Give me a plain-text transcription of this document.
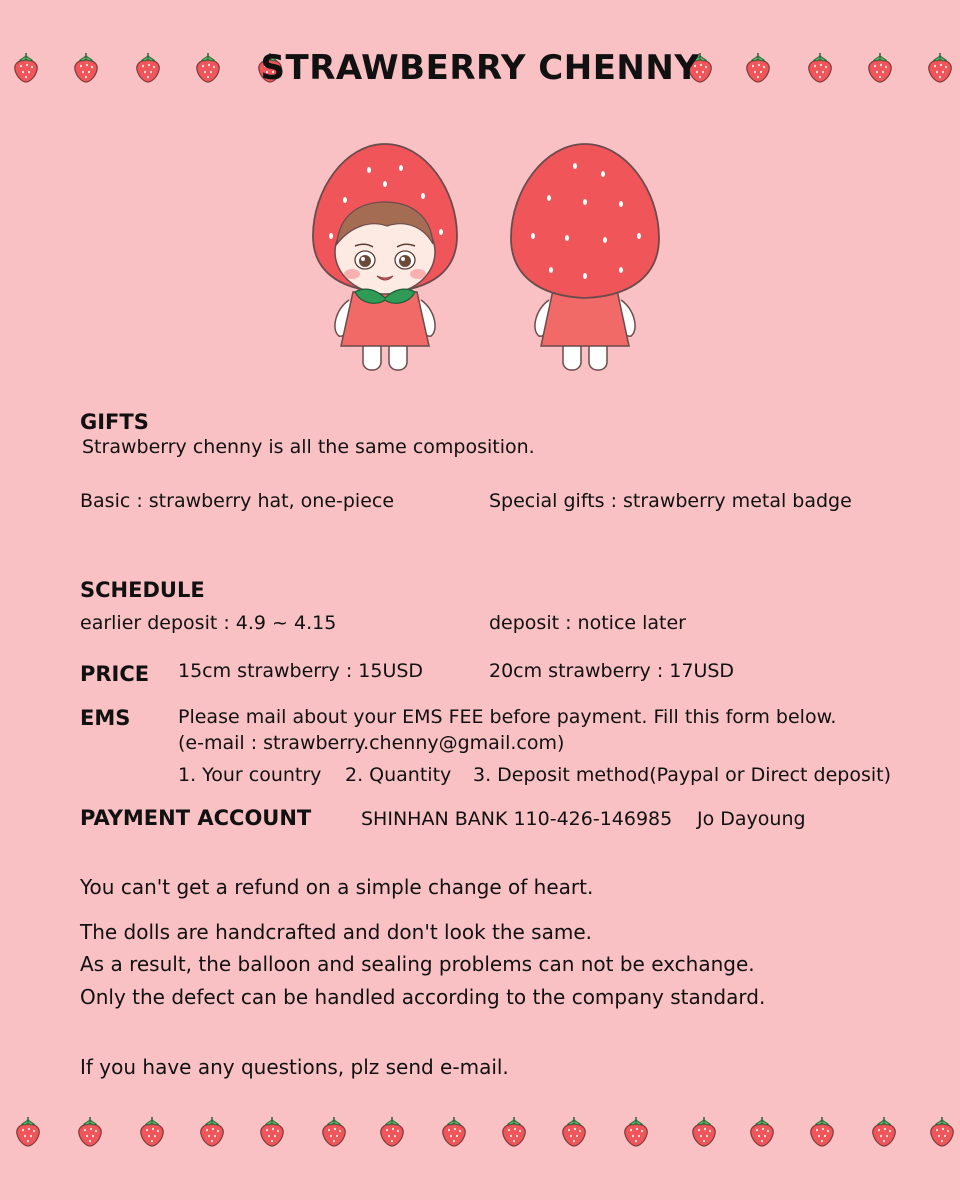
STRAWBERRY CHENNY
GIFTS
Strawberry chenny is all the same composition.
Basic : strawberry hat, one-piece	Special gifts : strawberry metal badge
SCHEDULE
earlier deposit : 4.9 ~ 4.15	deposit : notice later
PRICE 15cm strawberry : 15USD	20cm strawberry : 17USD
EMS	Please mail about your EMS FEE before payment. Fill this form below.
(e-mail : strawberry.chenny@gmail.com)
1. Your country 2. Quantity 3. Deposit method(Paypal or Direct deposit)
PAYMENT ACCOUNT	SHINHAN BANK 110-426-146985 Jo Dayoung
You can't get a refund on a simple change of heart.
The dolls are handcrafted and don't look the same.
As a result, the balloon and sealing problems can not be exchange.
Only the defect can be handled according to the company standard.
If you have any questions, plz send e-mail.
